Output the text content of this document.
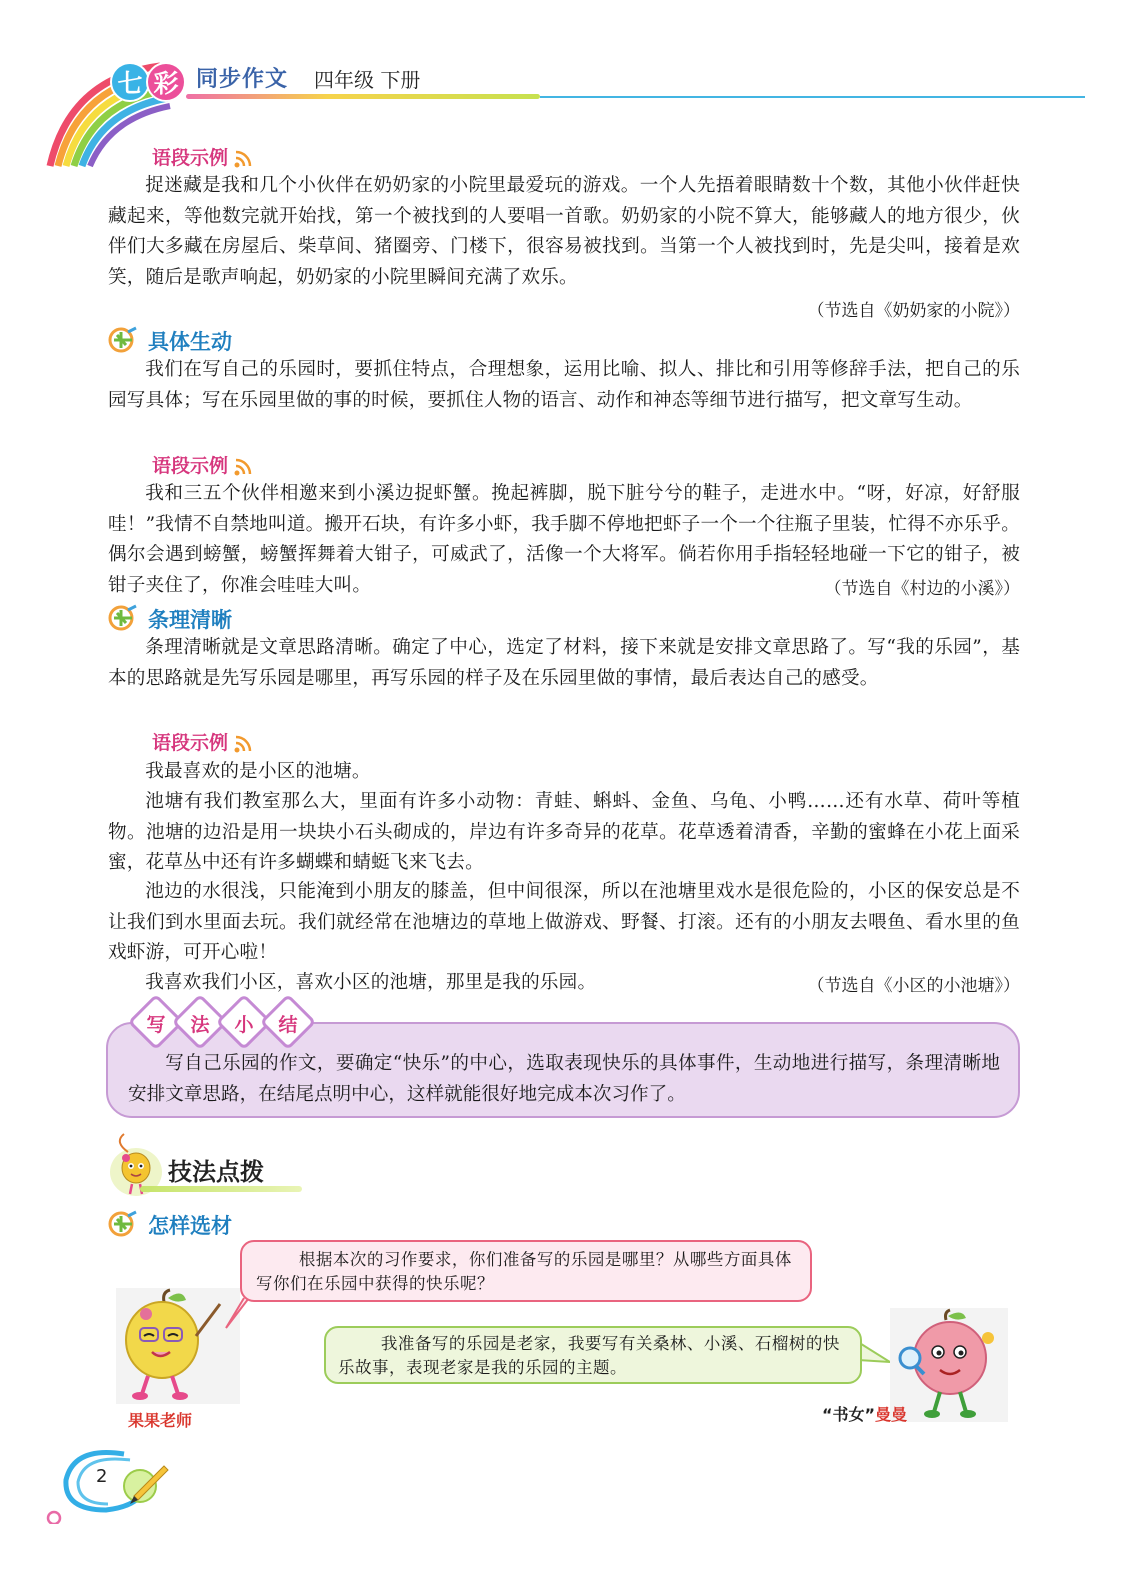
七 彩 同步作文 四年级 下册
语段示例

捉迷藏是我和几个小伙伴在奶奶家的小院里最爱玩的游戏。一个人先捂着眼睛数十个数，其他小伙伴赶快藏起来，等他数完就开始找，第一个被找到的人要唱一首歌。奶奶家的小院不算大，能够藏人的地方很少，伙伴们大多藏在房屋后、柴草间、猪圈旁、门楼下，很容易被找到。当第一个人被找到时，先是尖叫，接着是欢笑，随后是歌声响起，奶奶家的小院里瞬间充满了欢乐。

（节选自《奶奶家的小院》）
具体生动

我们在写自己的乐园时，要抓住特点，合理想象，运用比喻、拟人、排比和引用等修辞手法，把自己的乐园写具体；写在乐园里做的事的时候，要抓住人物的语言、动作和神态等细节进行描写，把文章写生动。

语段示例

我和三五个伙伴相邀来到小溪边捉虾蟹。挽起裤脚，脱下脏兮兮的鞋子，走进水中。“呀，好凉，好舒服哇！”我情不自禁地叫道。搬开石块，有许多小虾，我手脚不停地把虾子一个一个往瓶子里装，忙得不亦乐乎。偶尔会遇到螃蟹，螃蟹挥舞着大钳子，可威武了，活像一个大将军。倘若你用手指轻轻地碰一下它的钳子，被钳子夹住了，你准会哇哇大叫。	（节选自《村边的小溪》）
条理清晰

条理清晰就是文章思路清晰。确定了中心，选定了材料，接下来就是安排文章思路了。写“我的乐园”，基本的思路就是先写乐园是哪里，再写乐园的样子及在乐园里做的事情，最后表达自己的感受。

语段示例

我最喜欢的是小区的池塘。

池塘有我们教室那么大，里面有许多小动物：青蛙、蝌蚪、金鱼、乌龟、小鸭……还有水草、荷叶等植物。池塘的边沿是用一块块小石头砌成的，岸边有许多奇异的花草。花草透着清香，辛勤的蜜蜂在小花上面采蜜，花草丛中还有许多蝴蝶和蜻蜓飞来飞去。

池边的水很浅，只能淹到小朋友的膝盖，但中间很深，所以在池塘里戏水是很危险的，小区的保安总是不让我们到水里面去玩。我们就经常在池塘边的草地上做游戏、野餐、打滚。还有的小朋友去喂鱼、看水里的鱼戏虾游，可开心啦！

我喜欢我们小区，喜欢小区的池塘，那里是我的乐园。	（节选自《小区的小池塘》）

写自己乐园的作文，要确定“快乐”的中心，选取表现快乐的具体事件，生动地进行描写，条理清晰地安排文章思路，在结尾点明中心，这样就能很好地完成本次习作了。

写	法	小	结
技法点拨
怎样选材
果果老师

根据本次的习作要求，你们准备写的乐园是哪里？从哪些方面具体写你们在乐园中获得的快乐呢？

我准备写的乐园是老家，我要写有关桑林、小溪、石榴树的快乐故事，表现老家是我的乐园的主题。

“书女”曼曼
2
